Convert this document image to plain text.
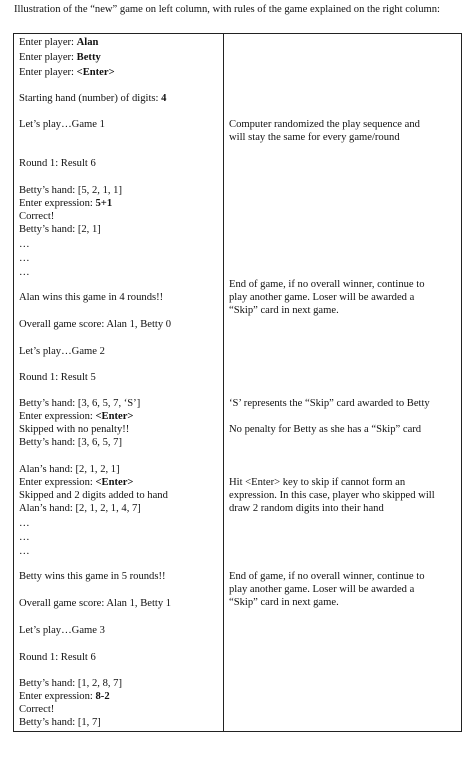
Illustration of the “new” game on left column, with rules of the game explained on the right column:
Enter player: Alan
Enter player: Betty
Enter player: <Enter>
Starting hand (number) of digits: 4
Let’s play…Game 1
Round 1: Result 6
Betty’s hand: [5, 2, 1, 1]
Enter expression: 5+1
Correct!
Betty’s hand: [2, 1]
…
…
…
Alan wins this game in 4 rounds!!
Overall game score: Alan 1, Betty 0
Let’s play…Game 2
Round 1: Result 5
Betty’s hand: [3, 6, 5, 7, ‘S’]
Enter expression: <Enter>
Skipped with no penalty!!
Betty’s hand: [3, 6, 5, 7]
Alan’s hand: [2, 1, 2, 1]
Enter expression: <Enter>
Skipped and 2 digits added to hand
Alan’s hand: [2, 1, 2, 1, 4, 7]
…
…
…
Betty wins this game in 5 rounds!!
Overall game score: Alan 1, Betty 1
Let’s play…Game 3
Round 1: Result 6
Betty’s hand: [1, 2, 8, 7]
Enter expression: 8-2
Correct!
Betty’s hand: [1, 7]
Computer randomized the play sequence and
will stay the same for every game/round
End of game, if no overall winner, continue to
play another game. Loser will be awarded a
“Skip” card in next game.
‘S’ represents the “Skip” card awarded to Betty
No penalty for Betty as she has a “Skip” card
Hit <Enter> key to skip if cannot form an
expression. In this case, player who skipped will
draw 2 random digits into their hand
End of game, if no overall winner, continue to
play another game. Loser will be awarded a
“Skip” card in next game.
